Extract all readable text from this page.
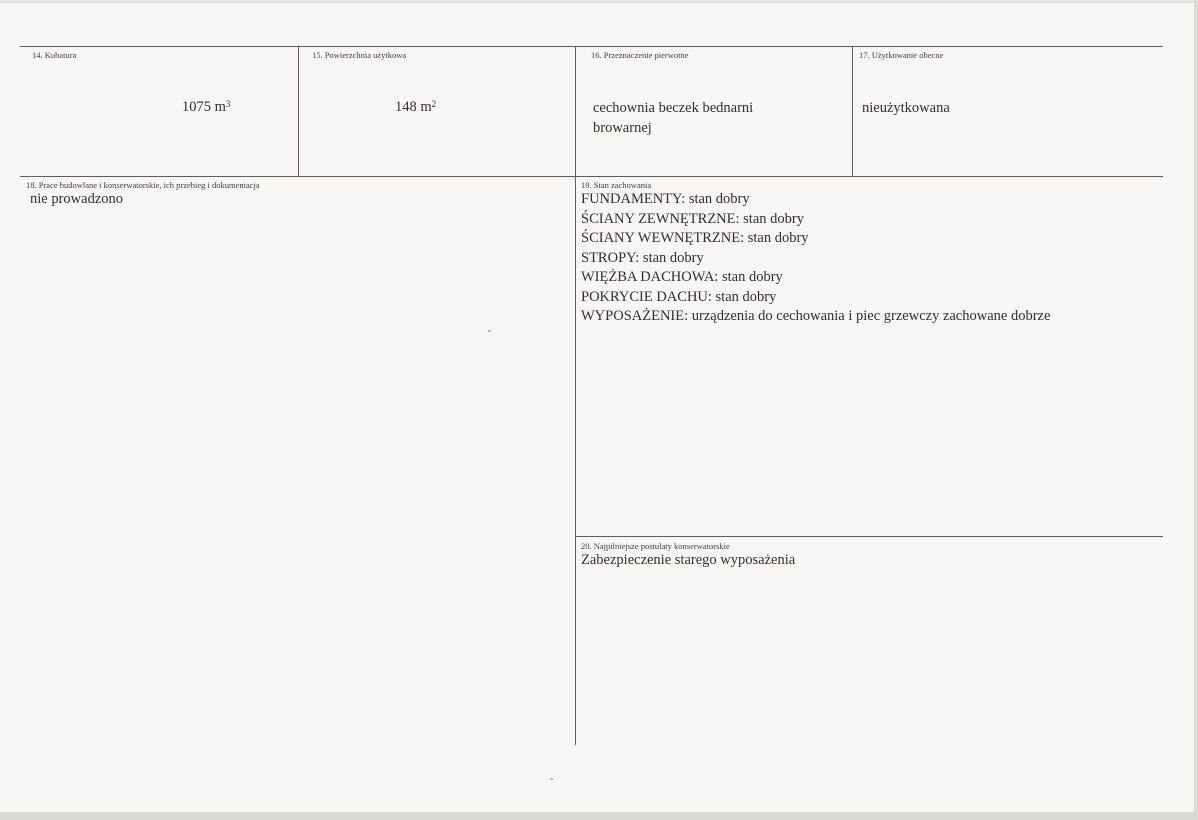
14. Kubatura
1075 $m^3$
15. Powierzchnia użytkowa
148 $m^2$
16. Przeznaczenie pierwotne
cechownia beczek bednarni
browarnej
17. Użytkowanie obecne
nieużytkowana
18. Prace budowlane i konserwatorskie, ich przebieg i dokumentacja
nie prowadzono
19. Stan zachowania
FUNDAMENTY: stan dobry
ŚCIANY ZEWNĘTRZNE: stan dobry
ŚCIANY WEWNĘTRZNE: stan dobry
STROPY: stan dobry
WIĘŻBA DACHOWA: stan dobry
POKRYCIE DACHU: stan dobry
WYPOSAŻENIE: urządzenia do cechowania i piec grzewczy zachowane dobrze
20. Najpilniejsze postulaty konserwatorskie
Zabezpieczenie starego wyposażenia
